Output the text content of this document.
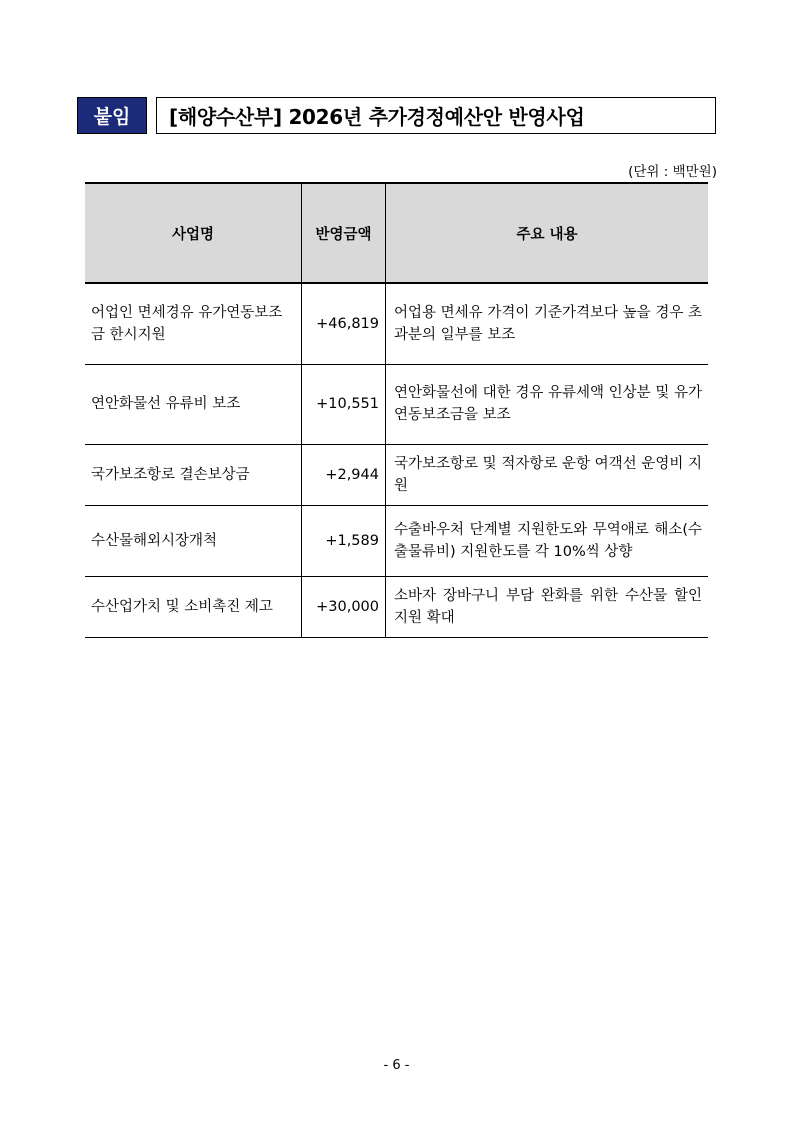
붙임	[해양수산부] 2026년 추가경정예산안 반영사업
(단위 : 백만원)
사업명	반영금액	주요 내용
어업인 면세경유 유가연동보조금 한시지원	+46,819	어업용 면세유 가격이 기준가격보다 높을 경우 초과분의 일부를 보조
연안화물선 유류비 보조	+10,551	연안화물선에 대한 경유 유류세액 인상분 및 유가연동보조금을 보조
국가보조항로 결손보상금	+2,944	국가보조항로 및 적자항로 운항 여객선 운영비 지원
수산물해외시장개척	+1,589	수출바우처 단계별 지원한도와 무역애로 해소(수출물류비) 지원한도를 각 10%씩 상향
수산업가치 및 소비촉진 제고	+30,000	소바자 장바구니 부담 완화를 위한 수산물 할인 지원 확대
- 6 -
